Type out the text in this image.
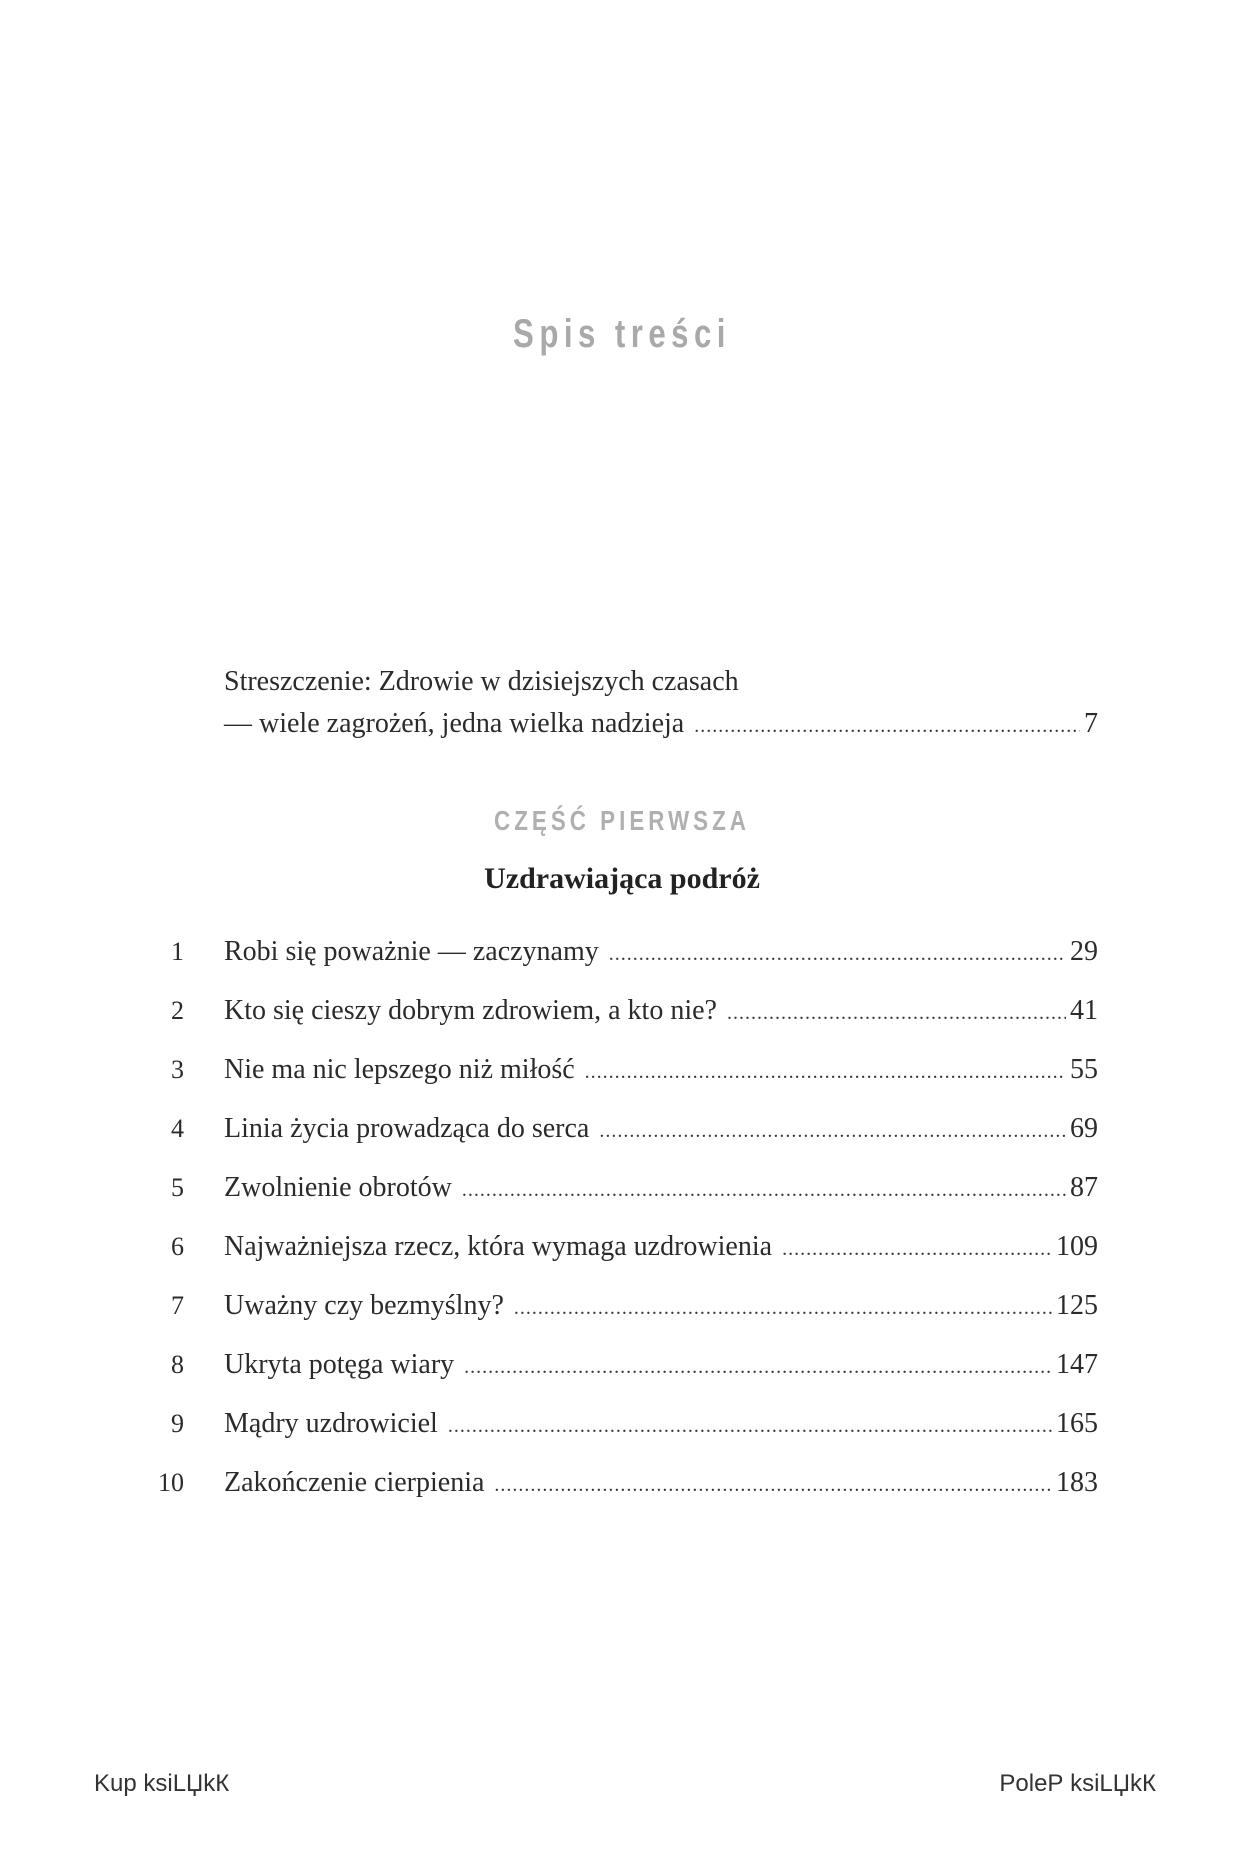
Spis treści
Streszczenie: Zdrowie w dzisiejszych czasach
— wiele zagrożeń, jedna wielka nadzieja .....	7
CZĘŚĆ PIERWSZA
Uzdrawiająca podróż
1 Robi się poważnie — zaczynamy .....	29
2 Kto się cieszy dobrym zdrowiem, a kto nie? .....	41
3 Nie ma nic lepszego niż miłość .....	55
4 Linia życia prowadząca do serca .....	69
5 Zwolnienie obrotów .....	87
6 Najważniejsza rzecz, która wymaga uzdrowienia .....	109
7 Uważny czy bezmyślny? .....	125
8 Ukryta potęga wiary .....	147
9 Mądry uzdrowiciel .....	165
10 Zakończenie cierpienia .....	183
Kup ksiLЏkК	PoleР ksiLЏkК
